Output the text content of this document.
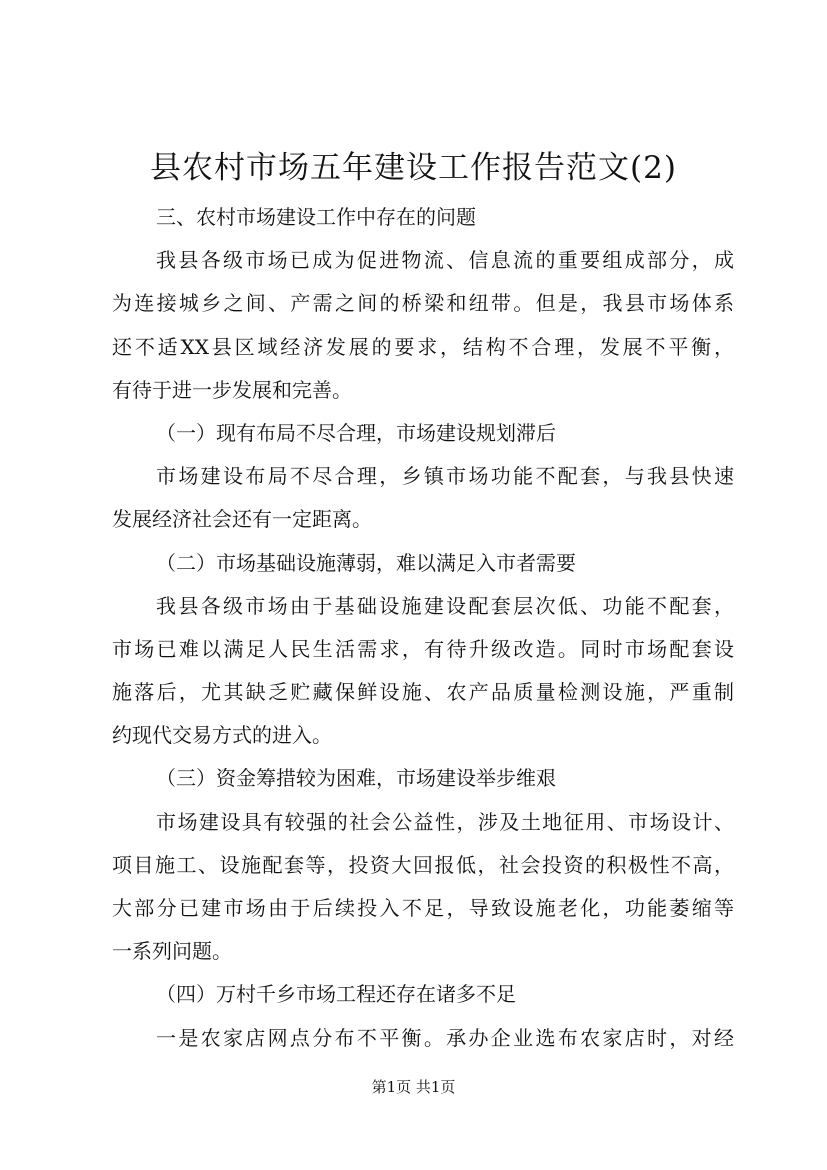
县农村市场五年建设工作报告范文(2)
三、农村市场建设工作中存在的问题
我县各级市场已成为促进物流、信息流的重要组成部分，成
为连接城乡之间、产需之间的桥梁和纽带。但是，我县市场体系
还不适XX县区域经济发展的要求，结构不合理，发展不平衡，
有待于进一步发展和完善。
（一）现有布局不尽合理，市场建设规划滞后
市场建设布局不尽合理，乡镇市场功能不配套，与我县快速
发展经济社会还有一定距离。
（二）市场基础设施薄弱，难以满足入市者需要
我县各级市场由于基础设施建设配套层次低、功能不配套，
市场已难以满足人民生活需求，有待升级改造。同时市场配套设
施落后，尤其缺乏贮藏保鲜设施、农产品质量检测设施，严重制
约现代交易方式的进入。
（三）资金筹措较为困难，市场建设举步维艰
市场建设具有较强的社会公益性，涉及土地征用、市场设计、
项目施工、设施配套等，投资大回报低，社会投资的积极性不高，
大部分已建市场由于后续投入不足，导致设施老化，功能萎缩等
一系列问题。
（四）万村千乡市场工程还存在诸多不足
一是农家店网点分布不平衡。承办企业选布农家店时，对经
第1页 共1页
